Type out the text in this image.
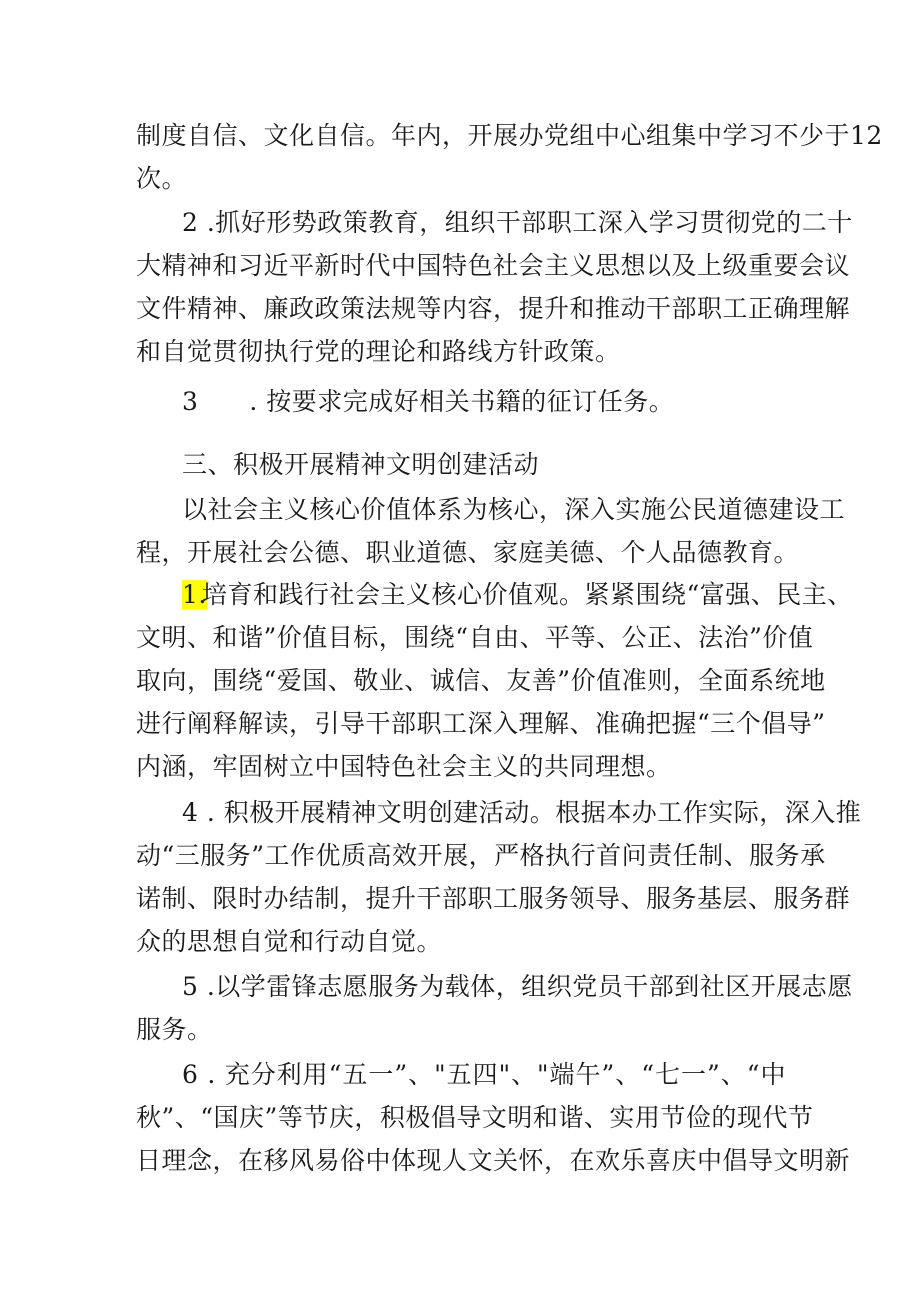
制度自信、文化自信。年内，开展办党组中心组集中学习不少于12
次。
2 .抓好形势政策教育，组织干部职工深入学习贯彻党的二十
大精神和习近平新时代中国特色社会主义思想以及上级重要会议
文件精神、廉政政策法规等内容，提升和推动干部职工正确理解
和自觉贯彻执行党的理论和路线方针政策。
3　　. 按要求完成好相关书籍的征订任务。
三、积极开展精神文明创建活动
以社会主义核心价值体系为核心，深入实施公民道德建设工
程，开展社会公德、职业道德、家庭美德、个人品德教育。
1.
培育和践行社会主义核心价值观。紧紧围绕“富强、民主、
文明、和谐”价值目标，围绕“自由、平等、公正、法治”价值
取向，围绕“爱国、敬业、诚信、友善”价值准则，全面系统地
进行阐释解读，引导干部职工深入理解、准确把握“三个倡导”
内涵，牢固树立中国特色社会主义的共同理想。
4 . 积极开展精神文明创建活动。根据本办工作实际，深入推
动“三服务”工作优质高效开展，严格执行首问责任制、服务承
诺制、限时办结制，提升干部职工服务领导、服务基层、服务群
众的思想自觉和行动自觉。
5 .以学雷锋志愿服务为载体，组织党员干部到社区开展志愿
服务。
6 . 充分利用“五一”、"五四"、"端午”、“七一”、“中
秋”、“国庆”等节庆，积极倡导文明和谐、实用节俭的现代节
日理念，在移风易俗中体现人文关怀，在欢乐喜庆中倡导文明新
